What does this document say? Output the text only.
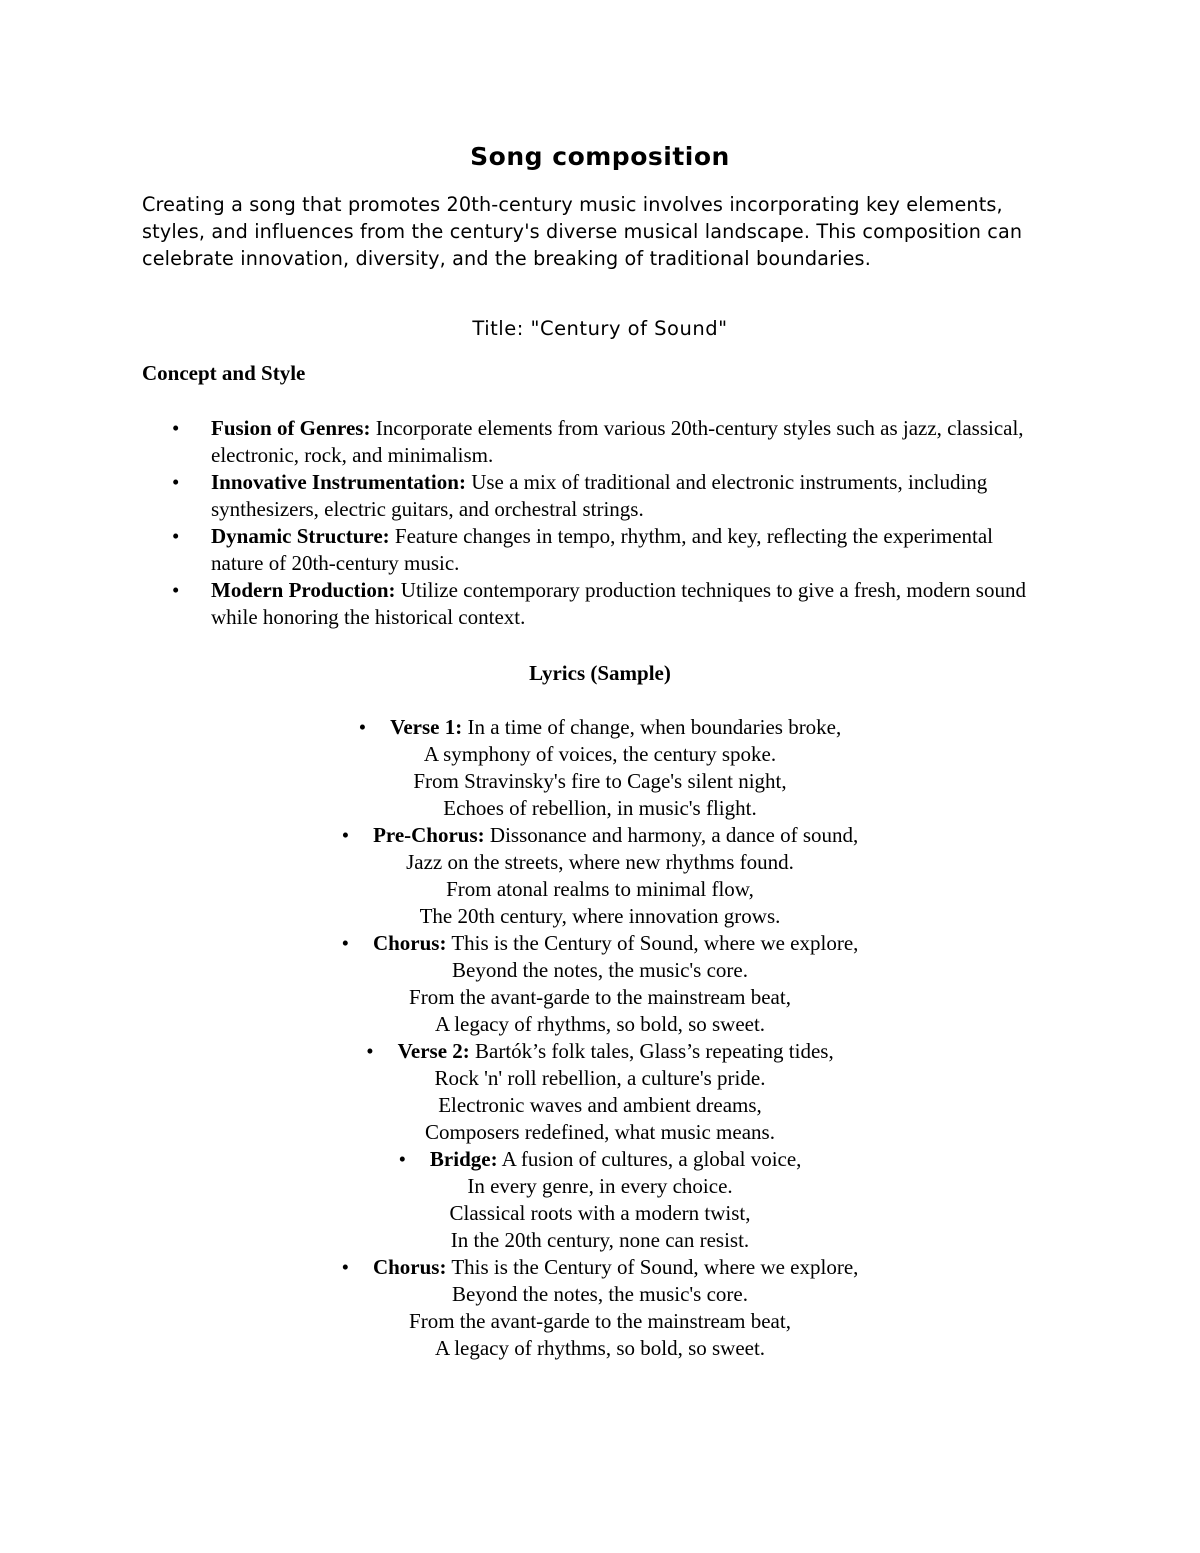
Song composition
Creating a song that promotes 20th-century music involves incorporating key elements, styles, and influences from the century's diverse musical landscape. This composition can celebrate innovation, diversity, and the breaking of traditional boundaries.
Title: "Century of Sound"
Concept and Style
• Fusion of Genres: Incorporate elements from various 20th-century styles such as jazz, classical, electronic, rock, and minimalism.
• Innovative Instrumentation: Use a mix of traditional and electronic instruments, including synthesizers, electric guitars, and orchestral strings.
• Dynamic Structure: Feature changes in tempo, rhythm, and key, reflecting the experimental nature of 20th-century music.
• Modern Production: Utilize contemporary production techniques to give a fresh, modern sound while honoring the historical context.
Lyrics (Sample)
• Verse 1: In a time of change, when boundaries broke,
A symphony of voices, the century spoke.
From Stravinsky's fire to Cage's silent night,
Echoes of rebellion, in music's flight.
• Pre-Chorus: Dissonance and harmony, a dance of sound,
Jazz on the streets, where new rhythms found.
From atonal realms to minimal flow,
The 20th century, where innovation grows.
• Chorus: This is the Century of Sound, where we explore,
Beyond the notes, the music's core.
From the avant-garde to the mainstream beat,
A legacy of rhythms, so bold, so sweet.
• Verse 2: Bartók’s folk tales, Glass’s repeating tides,
Rock 'n' roll rebellion, a culture's pride.
Electronic waves and ambient dreams,
Composers redefined, what music means.
• Bridge: A fusion of cultures, a global voice,
In every genre, in every choice.
Classical roots with a modern twist,
In the 20th century, none can resist.
• Chorus: This is the Century of Sound, where we explore,
Beyond the notes, the music's core.
From the avant-garde to the mainstream beat,
A legacy of rhythms, so bold, so sweet.
